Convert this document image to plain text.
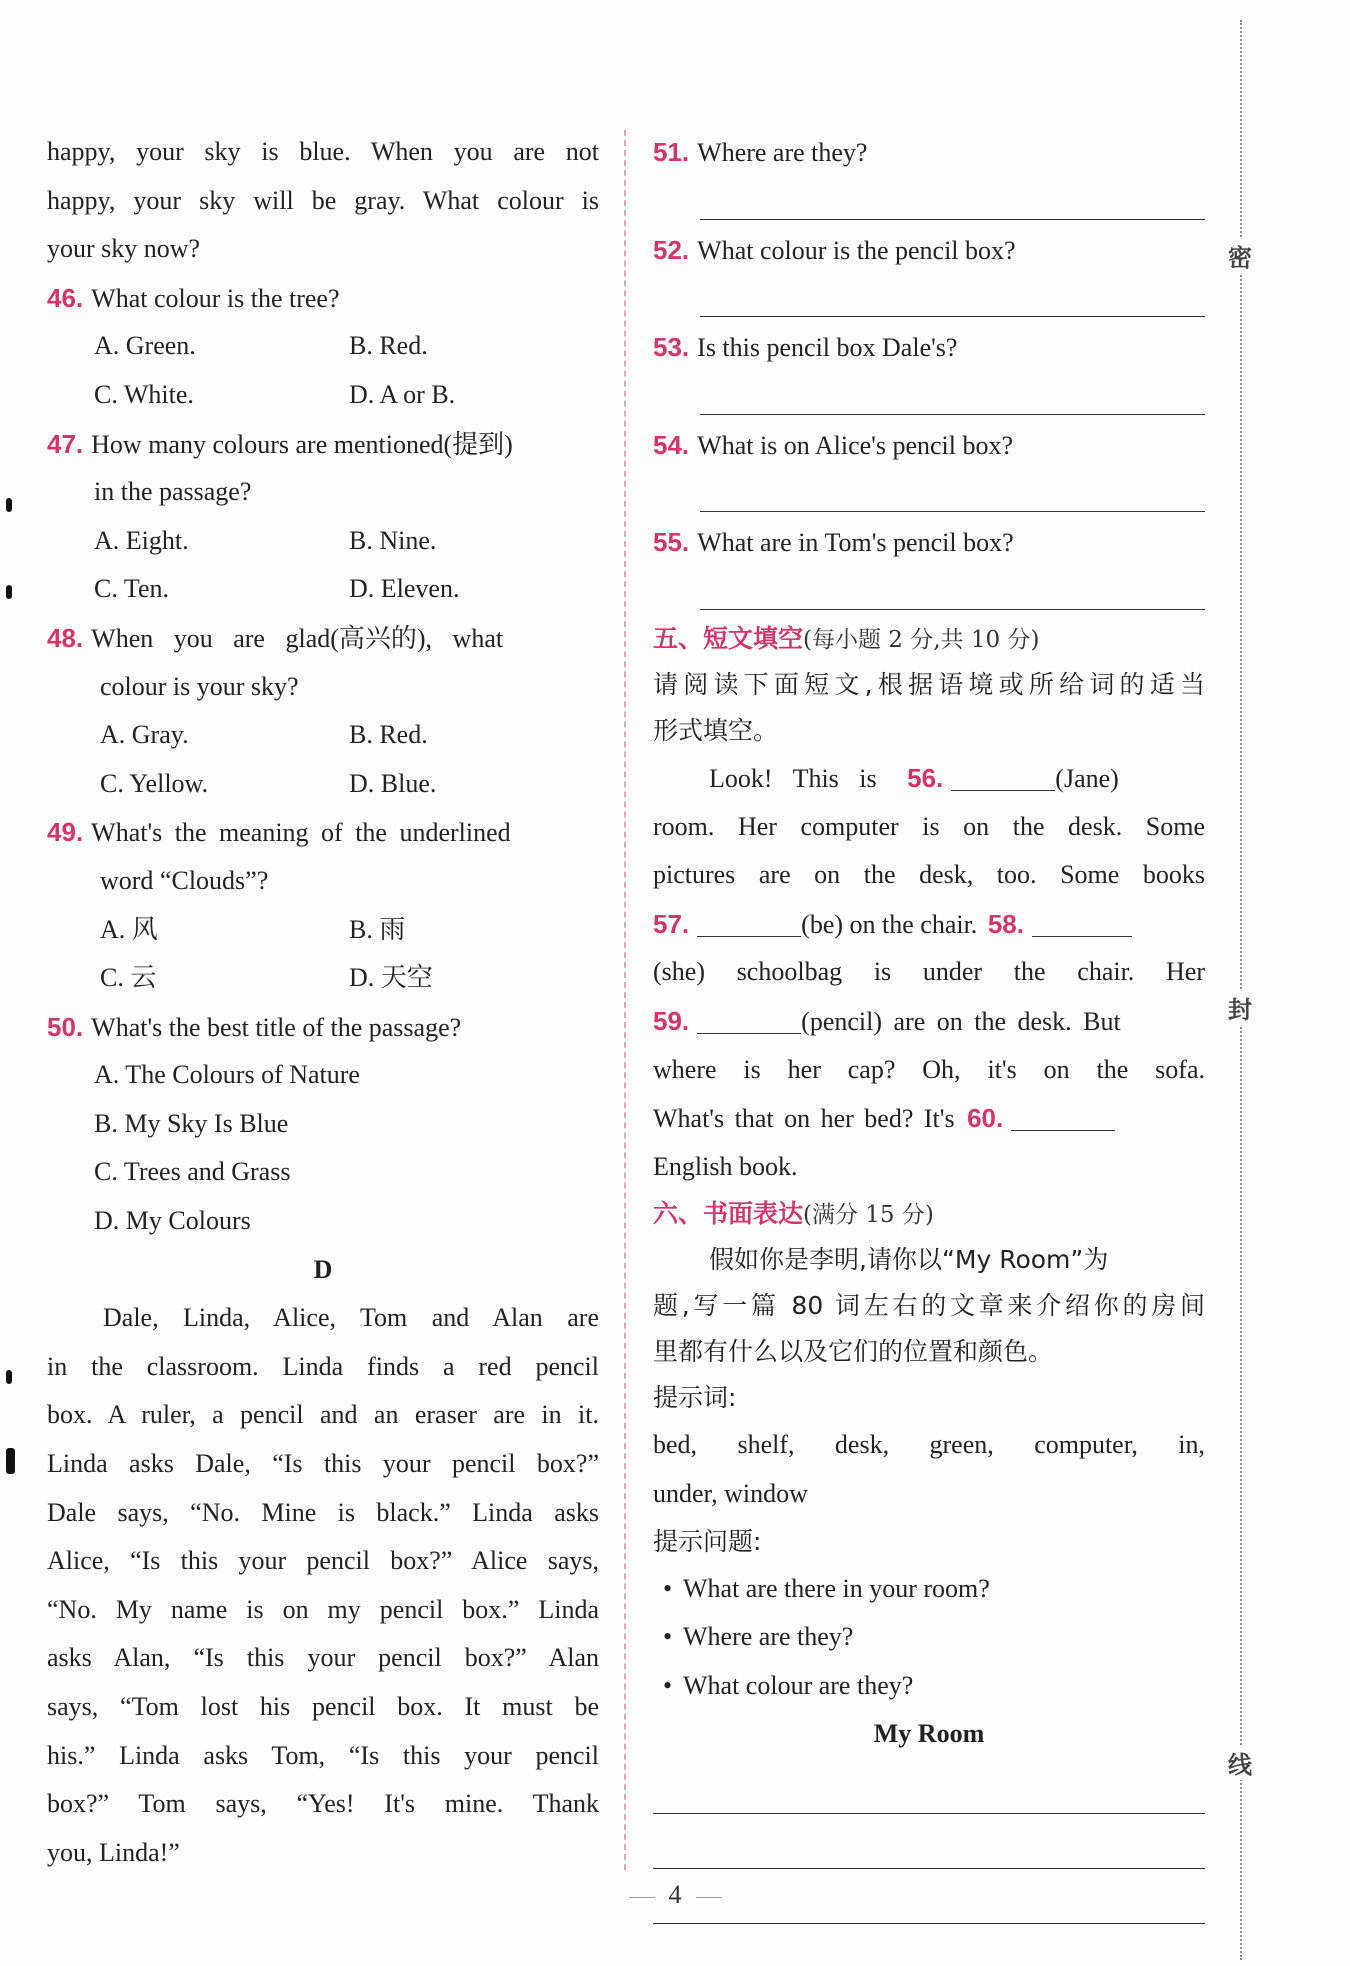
happy, your sky is blue. When you are not
happy, your sky will be gray. What colour is
your sky now?
46. What colour is the tree?
A. Green.	B. Red.
C. White.	D. A or B.
47. How many colours are mentioned(提到)
in the passage?
A. Eight.	B. Nine.
C. Ten.	D. Eleven.
48. When you are glad(高兴的), what
colour is your sky?
A. Gray.	B. Red.
C. Yellow.	D. Blue.
49. What's the meaning of the underlined
word “Clouds”?
A. 风	B. 雨
C. 云	D. 天空
50. What's the best title of the passage?
A. The Colours of Nature
B. My Sky Is Blue
C. Trees and Grass
D. My Colours
D
Dale, Linda, Alice, Tom and Alan are
in the classroom. Linda finds a red pencil
box. A ruler, a pencil and an eraser are in it.
Linda asks Dale, “Is this your pencil box?”
Dale says, “No. Mine is black.” Linda asks
Alice, “Is this your pencil box?” Alice says,
“No. My name is on my pencil box.” Linda
asks Alan, “Is this your pencil box?” Alan
says, “Tom lost his pencil box. It must be
his.” Linda asks Tom, “Is this your pencil
box?” Tom says, “Yes! It's mine. Thank
you, Linda!”
51. Where are they?
52. What colour is the pencil box?
53. Is this pencil box Dale's?
54. What is on Alice's pencil box?
55. What are in Tom's pencil box?
五、短文填空(每小题 2 分,共 10 分)
请阅读下面短文,根据语境或所给词的适当
形式填空。
Look! This is 56.	(Jane)
room. Her computer is on the desk. Some
pictures are on the desk, too. Some books
57.	(be) on the chair. 58.
(she) schoolbag is under the chair. Her
59.	(pencil) are on the desk. But
where is her cap? Oh, it's on the sofa.
What's that on her bed? It's 60.
English book.
六、书面表达(满分 15 分)
假如你是李明,请你以“My Room”为
题,写一篇 80 词左右的文章来介绍你的房间
里都有什么以及它们的位置和颜色。
提示词:
bed, shelf, desk, green, computer, in,
under, window
提示问题:
• What are there in your room?
• Where are they?
• What colour are they?
My Room
密
封
线
4
